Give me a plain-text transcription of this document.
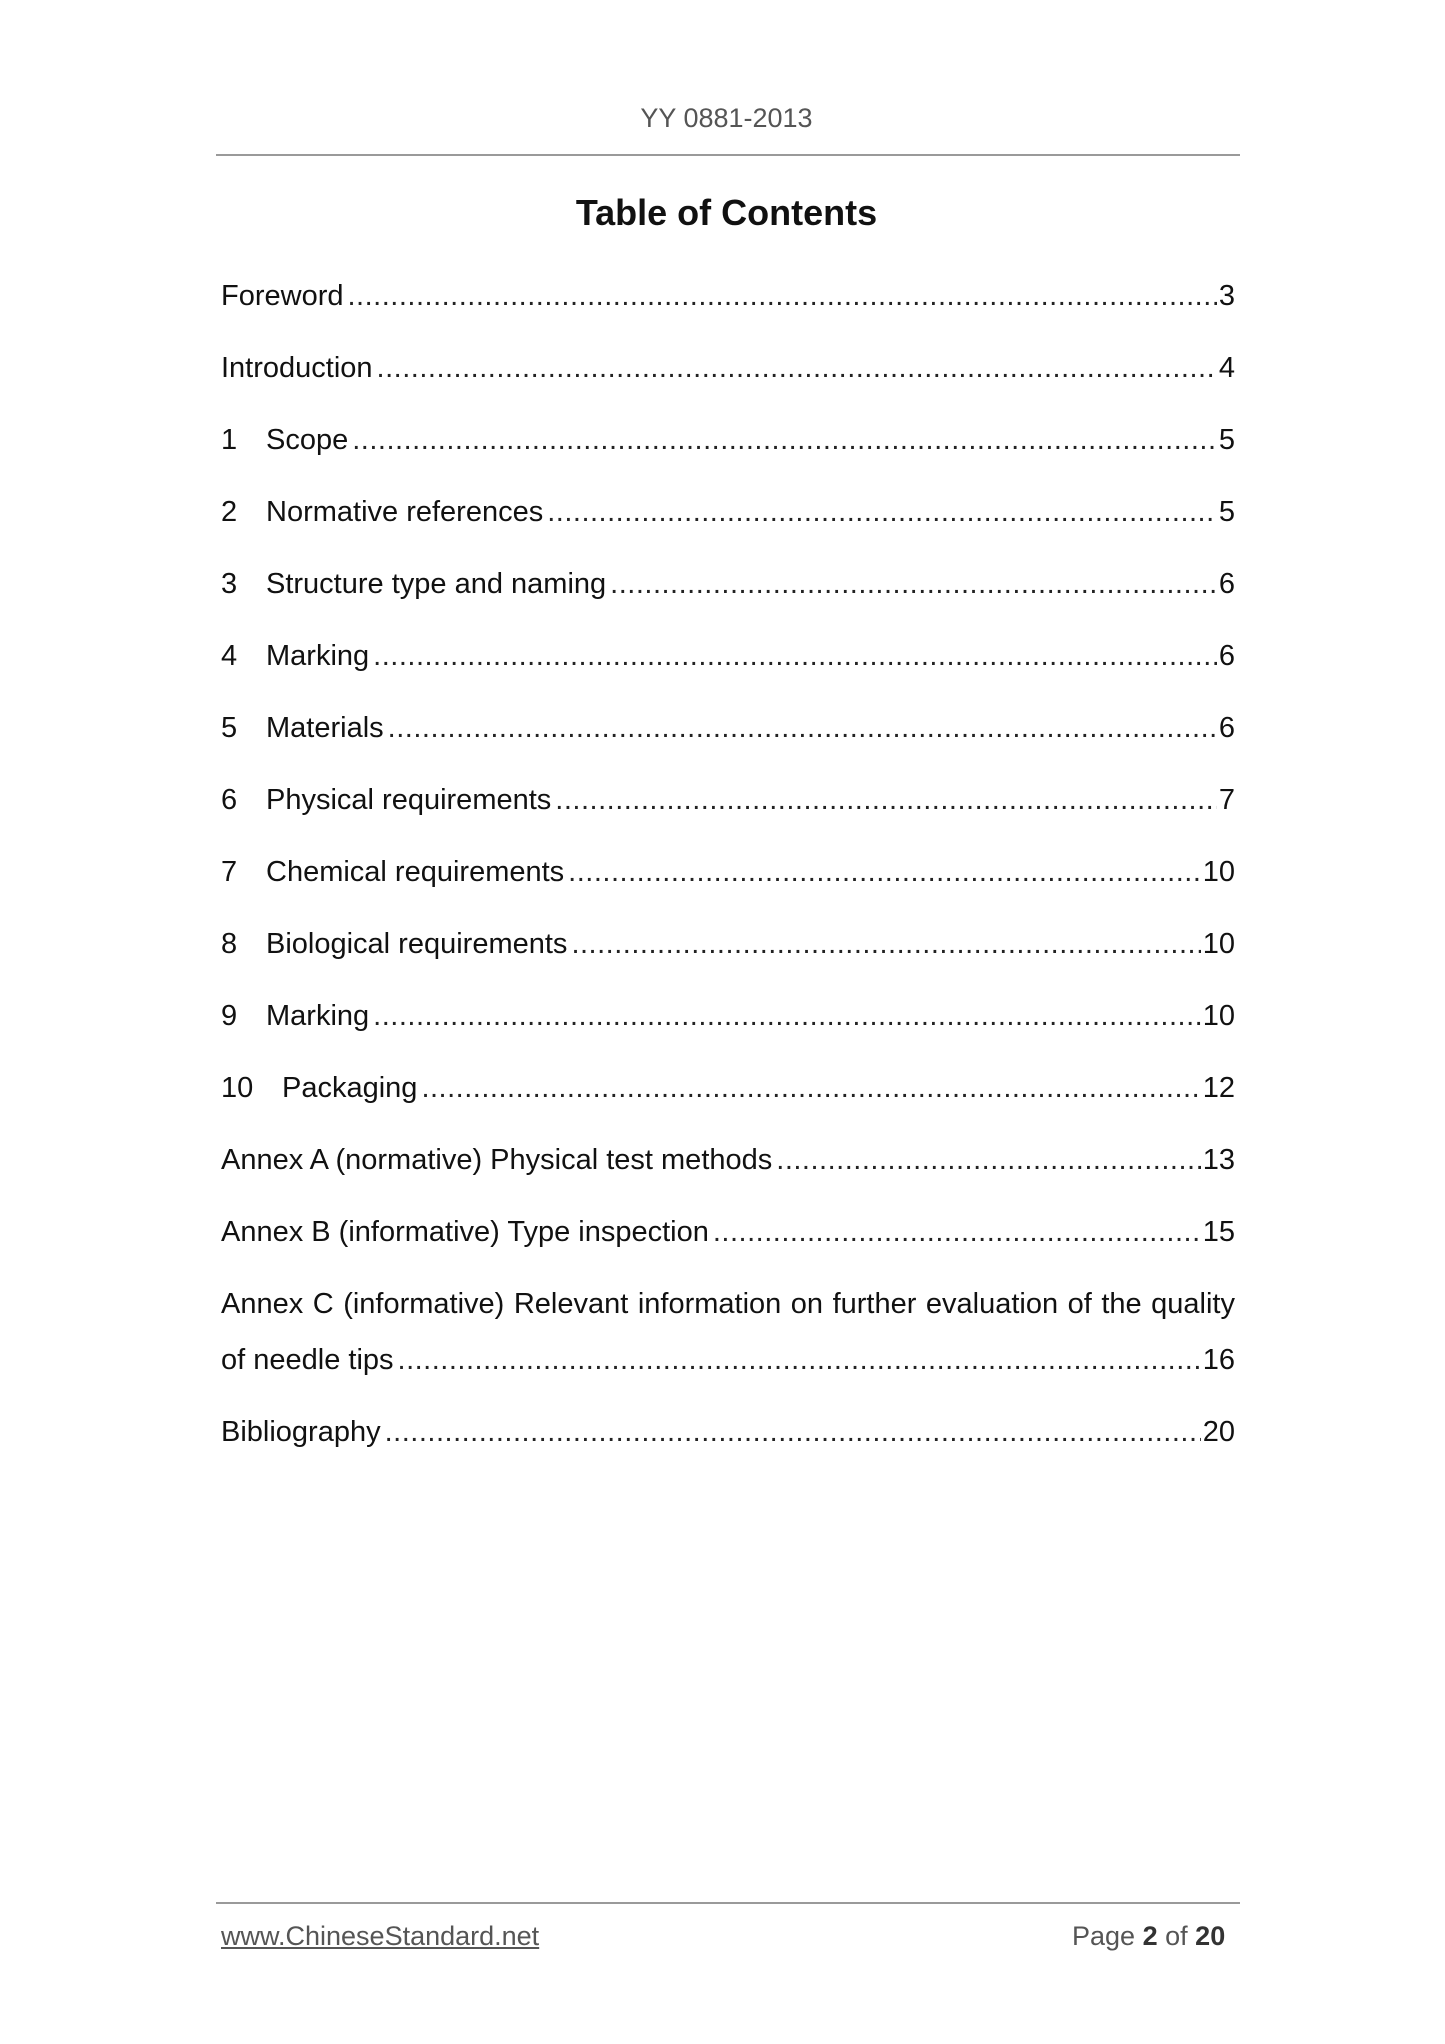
YY 0881-2013
Table of Contents
Foreword .....	3
Introduction .....	4
1 Scope .....	5
2 Normative references .....	5
3 Structure type and naming .....	6
4 Marking .....	6
5 Materials .....	6
6 Physical requirements .....	7
7 Chemical requirements .....	10
8 Biological requirements .....	10
9 Marking .....	10
10 Packaging .....	12
Annex A (normative) Physical test methods .....	13
Annex B (informative) Type inspection .....	15
Annex C (informative) Relevant information on further evaluation of the quality
of needle tips .....	16
Bibliography .....	20
www.ChineseStandard.net	Page 2 of 20
